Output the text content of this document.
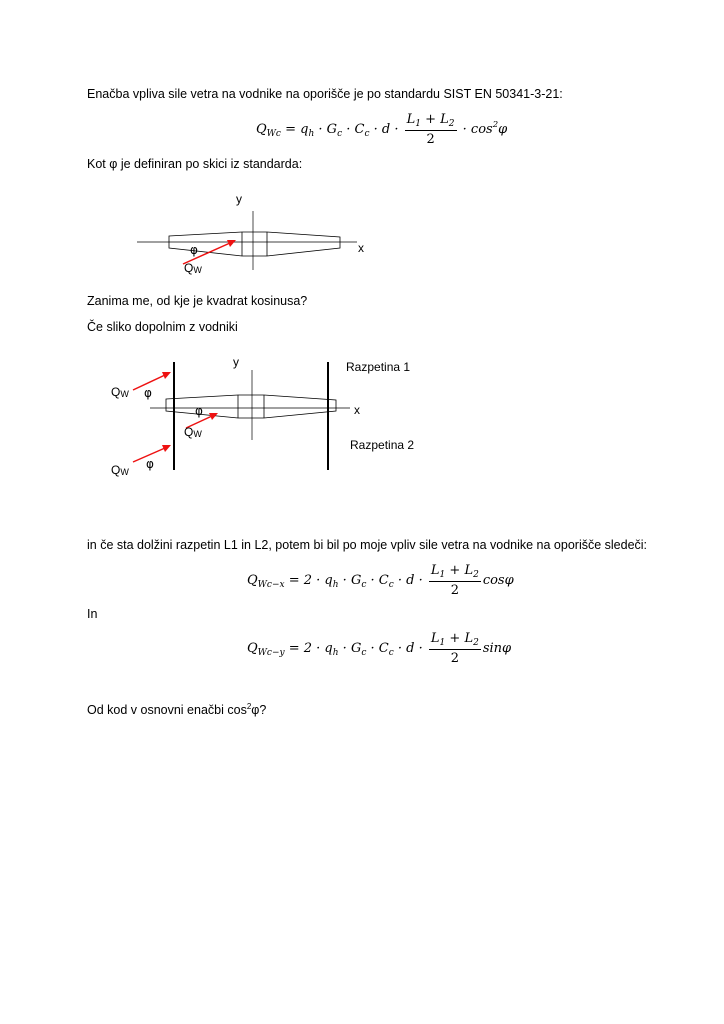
Enačba vpliva sile vetra na vodnike na oporišče je po standardu SIST EN 50341-3-21:

$Q_{Wc} = q_h \cdot G_c \cdot C_c \cdot d \cdot \frac{L_1 + L_2}{2} \cdot \cos^2\varphi$

Kot φ je definiran po skici iz standarda:

y
x
φ
QW

Zanima me, od kje je kvadrat kosinusa?

Če sliko dopolnim z vodniki

y
x
Razpetina 1
Razpetina 2
QW φ
φ
QW
φ
QW

in če sta dolžini razpetin L1 in L2, potem bi bil po moje vpliv sile vetra na vodnike na oporišče sledeči:

$Q_{Wc-x} = 2 \cdot q_h \cdot G_c \cdot C_c \cdot d \cdot \frac{L_1 + L_2}{2}$ cosφ

In

$Q_{Wc-y} = 2 \cdot q_h \cdot G_c \cdot C_c \cdot d \cdot \frac{L_1 + L_2}{2}$ sinφ

Od kod v osnovni enačbi $\cos^2\varphi$?
